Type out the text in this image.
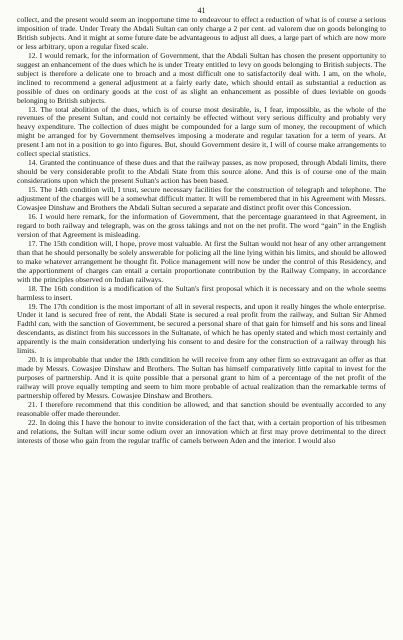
41

collect, and the present would seem an inopportune time to endeavour to effect a reduction of what is of course a serious imposition of trade. Under Treaty the Abdali Sultan can only charge a 2 per cent. ad valorem due on goods belonging to British subjects. And it might at some future date be advantageous to adjust all dues, a large part of which are now more or less arbitrary, upon a regular fixed scale.

12. I would remark, for the information of Government, that the Abdali Sultan has chosen the present opportunity to suggest an enhancement of the dues which he is under Treaty entitled to levy on goods belonging to British subjects. The subject is therefore a delicate one to broach and a most difficult one to satisfactorily deal with. I am, on the whole, inclined to recommend a general adjustment at a fairly early date, which should entail as substantial a reduction as possible of dues on ordinary goods at the cost of as slight an enhancement as possible of dues leviable on goods belonging to British subjects.

13. The total abolition of the dues, which is of course most desirable, is, I fear, impossible, as the whole of the revenues of the present Sultan, and could not certainly be effected without very serious difficulty and probably very heavy expenditure. The collection of dues might be compounded for a large sum of money, the recoupment of which might be arranged for by Government themselves imposing a moderate and regular taxation for a term of years. At present I am not in a position to go into figures. But, should Government desire it, I will of course make arrangements to collect special statistics.

14. Granted the continuance of these dues and that the railway passes, as now proposed, through Abdali limits, there should be very considerable profit to the Abdali State from this source alone. And this is of course one of the main considerations upon which the present Sultan's action has been based.

15. The 14th condition will, I trust, secure necessary facilities for the construction of telegraph and telephone. The adjustment of the charges will be a somewhat difficult matter. It will be remembered that in his Agreement with Messrs. Cowasjee Dinshaw and Brothers the Abdali Sultan secured a separate and distinct profit over this Concession.

16. I would here remark, for the information of Government, that the percentage guaranteed in that Agreement, in regard to both railway and telegraph, was on the gross takings and not on the net profit. The word “gain” in the English version of that Agreement is misleading.

17. The 15th condition will, I hope, prove most valuable. At first the Sultan would not hear of any other arrangement than that he should personally be solely answerable for policing all the line lying within his limits, and should be allowed to make whatever arrangement he thought fit. Police management will now be under the control of this Residency, and the apportionment of charges can entail a certain proportionate contribution by the Railway Company, in accordance with the principles observed on Indian railways.

18. The 16th condition is a modification of the Sultan's first proposal which it is necessary and on the whole seems harmless to insert.

19. The 17th condition is the most important of all in several respects, and upon it really hinges the whole enterprise. Under it land is secured free of rent, the Abdali State is secured a real profit from the railway, and Sultan Sir Ahmed Fadthl can, with the sanction of Government, be secured a personal share of that gain for himself and his sons and lineal descendants, as distinct from his successors in the Sultanate, of which he has openly stated and which most certainly and apparently is the main consideration underlying his consent to and desire for the construction of a railway through his limits.

20. It is improbable that under the 18th condition he will receive from any other firm so extravagant an offer as that made by Messrs. Cowasjee Dinshaw and Brothers. The Sultan has himself comparatively little capital to invest for the purposes of partnership. And it is quite possible that a personal grant to him of a percentage of the net profit of the railway will prove equally tempting and seem to him more probable of actual realization than the remarkable terms of partnership offered by Messrs. Cowasjee Dinshaw and Brothers.

21. I therefore recommend that this condition be allowed, and that sanction should be eventually accorded to any reasonable offer made thereunder.

22. In doing this I have the honour to invite consideration of the fact that, with a certain proportion of his tribesmen and relations, the Sultan will incur some odium over an innovation which at first may prove detrimental to the direct interests of those who gain from the regular traffic of camels between Aden and the interior. I would also
